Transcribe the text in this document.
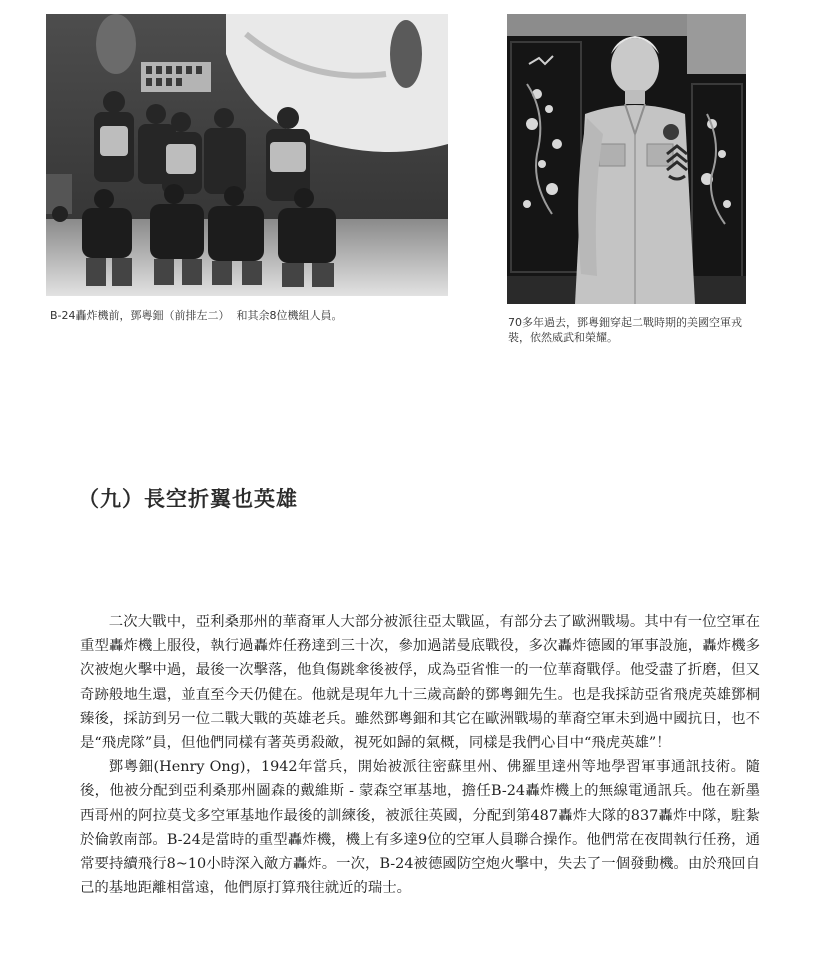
B-24轟炸機前，鄧粵鈿（前排左二）  和其余8位機組人員。
70多年過去，鄧粵鈿穿起二戰時期的美國空軍戎裝，依然威武和榮耀。
（九）長空折翼也英雄

二次大戰中，亞利桑那州的華裔軍人大部分被派往亞太戰區，有部分去了歐洲戰場。其中有一位空軍在重型轟炸機上服役，執行過轟炸任務達到三十次，參加過諾曼底戰役，多次轟炸德國的軍事設施，轟炸機多次被炮火擊中過，最後一次擊落，他負傷跳傘後被俘，成為亞省惟一的一位華裔戰俘。他受盡了折磨，但又奇跡般地生還，並直至今天仍健在。他就是現年九十三歲高齡的鄧粵鈿先生。也是我採訪亞省飛虎英雄鄧桐臻後，採訪到另一位二戰大戰的英雄老兵。雖然鄧粵鈿和其它在歐洲戰場的華裔空軍未到過中國抗日，也不是“飛虎隊”員，但他們同樣有著英勇殺敵，視死如歸的氣概，同樣是我們心目中“飛虎英雄”！

鄧粵鈿(Henry Ong)，1942年當兵，開始被派往密蘇里州、佛羅里達州等地學習軍事通訊技術。隨後，他被分配到亞利桑那州圖森的戴維斯 - 蒙森空軍基地，擔任B-24轟炸機上的無線電通訊兵。他在新墨西哥州的阿拉莫戈多空軍基地作最後的訓練後，被派往英國，分配到第487轟炸大隊的837轟炸中隊，駐紮於倫敦南部。B-24是當時的重型轟炸機，機上有多達9位的空軍人員聯合操作。他們常在夜間執行任務，通常要持續飛行8~10小時深入敵方轟炸。一次，B-24被德國防空炮火擊中，失去了一個發動機。由於飛回自己的基地距離相當遠，他們原打算飛往就近的瑞士。
